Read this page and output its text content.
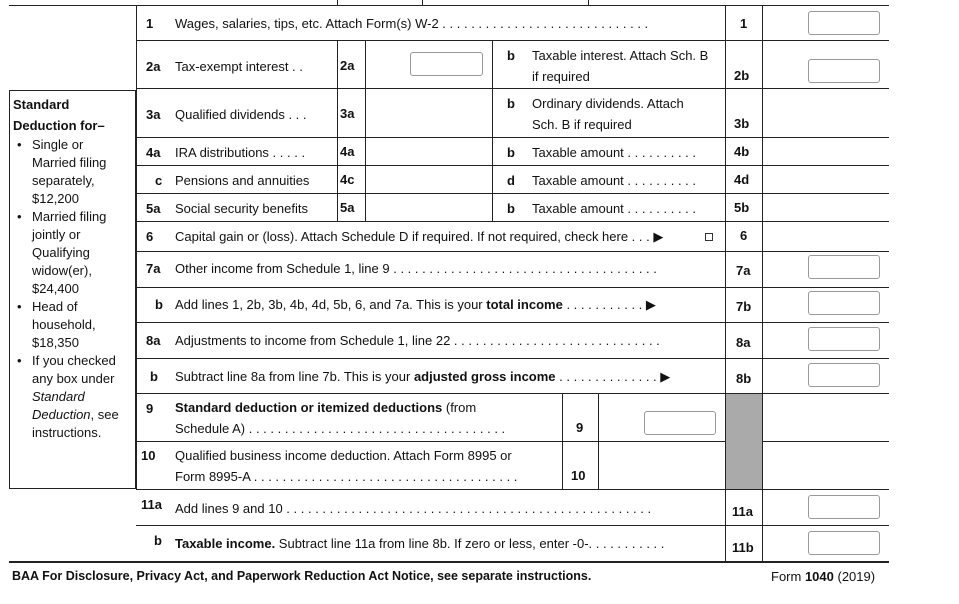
Standard
Deduction for–
• Single or
Married filing
separately,
$12,200
• Married filing
jointly or
Qualifying
widow(er),
$24,400
• Head of
household,
$18,350
• If you checked
any box under
Standard
Deduction, see
instructions.
1 Wages, salaries, tips, etc. Attach Form(s) W-2 . . . . . . . . . . . . . . . . . . . . . . . . . . . . .	1
2a Tax-exempt interest . .	2a
b Taxable interest. Attach Sch. B
if required	2b
3a Qualified dividends . . .	3a
b Ordinary dividends. Attach
Sch. B if required	3b
4a IRA distributions . . . . .	4a	b Taxable amount . . . . . . . . . .	4b
c Pensions and annuities 4c	d Taxable amount . . . . . . . . . .	4d
5a Social security benefits 5a	b Taxable amount . . . . . . . . . .	5b
6 Capital gain or (loss). Attach Schedule D if required. If not required, check here . . . ▶	6
7a Other income from Schedule 1, line 9 . . . . . . . . . . . . . . . . . . . . . . . . . . . . . . . . . . . . .	7a
b Add lines 1, 2b, 3b, 4b, 4d, 5b, 6, and 7a. This is your total income . . . . . . . . . . . ▶	7b
8a Adjustments to income from Schedule 1, line 22 . . . . . . . . . . . . . . . . . . . . . . . . . . . . .	8a
b Subtract line 8a from line 7b. This is your adjusted gross income . . . . . . . . . . . . . . ▶	8b
9 Standard deduction or itemized deductions (from
Schedule A) . . . . . . . . . . . . . . . . . . . . . . . . . . . . . . . . . . . .	9
10 Qualified business income deduction. Attach Form 8995 or
Form 8995-A . . . . . . . . . . . . . . . . . . . . . . . . . . . . . . . . . . . . .	10
11a Add lines 9 and 10 . . . . . . . . . . . . . . . . . . . . . . . . . . . . . . . . . . . . . . . . . . . . . . . . . . .	11a
b Taxable income. Subtract line 11a from line 8b. If zero or less, enter -0-. . . . . . . . . . .	11b
BAA For Disclosure, Privacy Act, and Paperwork Reduction Act Notice, see separate instructions.	Form 1040 (2019)
